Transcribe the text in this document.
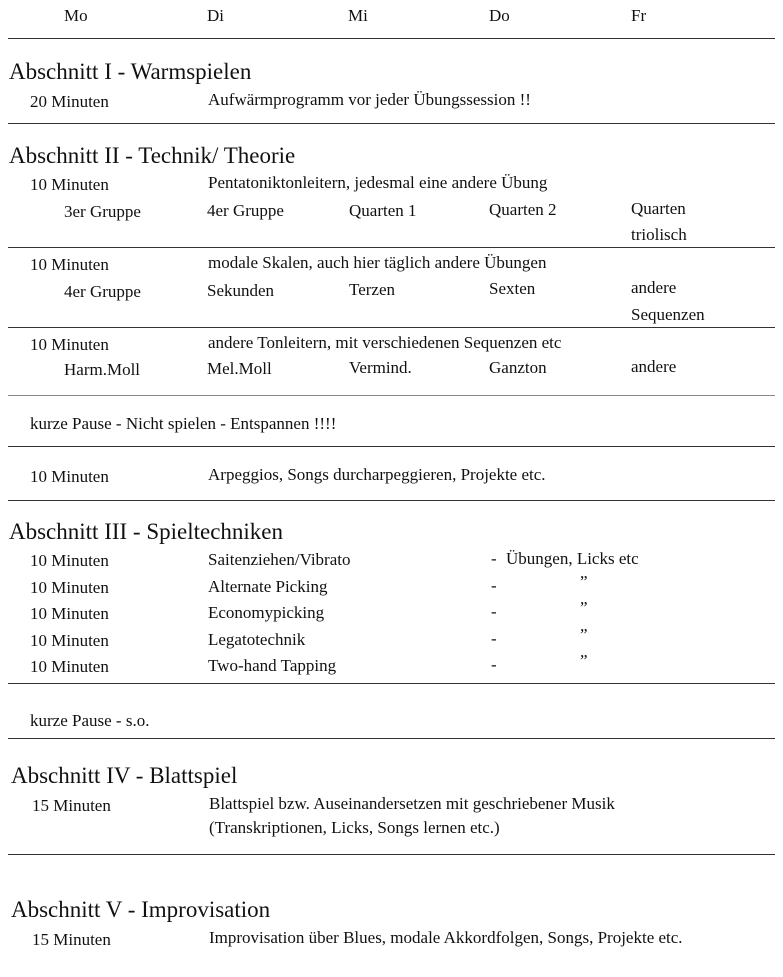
Mo	Di	Mi	Do	Fr
Abschnitt I - Warmspielen
20 Minuten	Aufwärmprogramm vor jeder Übungssession !!
Abschnitt II - Technik/ Theorie
10 Minuten	Pentatoniktonleitern, jedesmal eine andere Übung
3er Gruppe	4er Gruppe	Quarten 1	Quarten 2	Quarten
triolisch
10 Minuten	modale Skalen, auch hier täglich andere Übungen
4er Gruppe	Sekunden	Terzen	Sexten	andere
Sequenzen
10 Minuten	andere Tonleitern, mit verschiedenen Sequenzen etc
Harm.Moll	Mel.Moll	Vermind.	Ganzton	andere
kurze Pause - Nicht spielen - Entspannen !!!!
10 Minuten	Arpeggios, Songs durcharpeggieren, Projekte etc.
Abschnitt III - Spieltechniken
10 Minuten	Saitenziehen/Vibrato	- Übungen, Licks etc
10 Minuten	Alternate Picking	-	”
10 Minuten	Economypicking	-	”
10 Minuten	Legatotechnik	-	”
10 Minuten	Two-hand Tapping	-	”
kurze Pause - s.o.
Abschnitt IV - Blattspiel
15 Minuten	Blattspiel bzw. Auseinandersetzen mit geschriebener Musik
(Transkriptionen, Licks, Songs lernen etc.)
Abschnitt V - Improvisation
15 Minuten	Improvisation über Blues, modale Akkordfolgen, Songs, Projekte etc.
